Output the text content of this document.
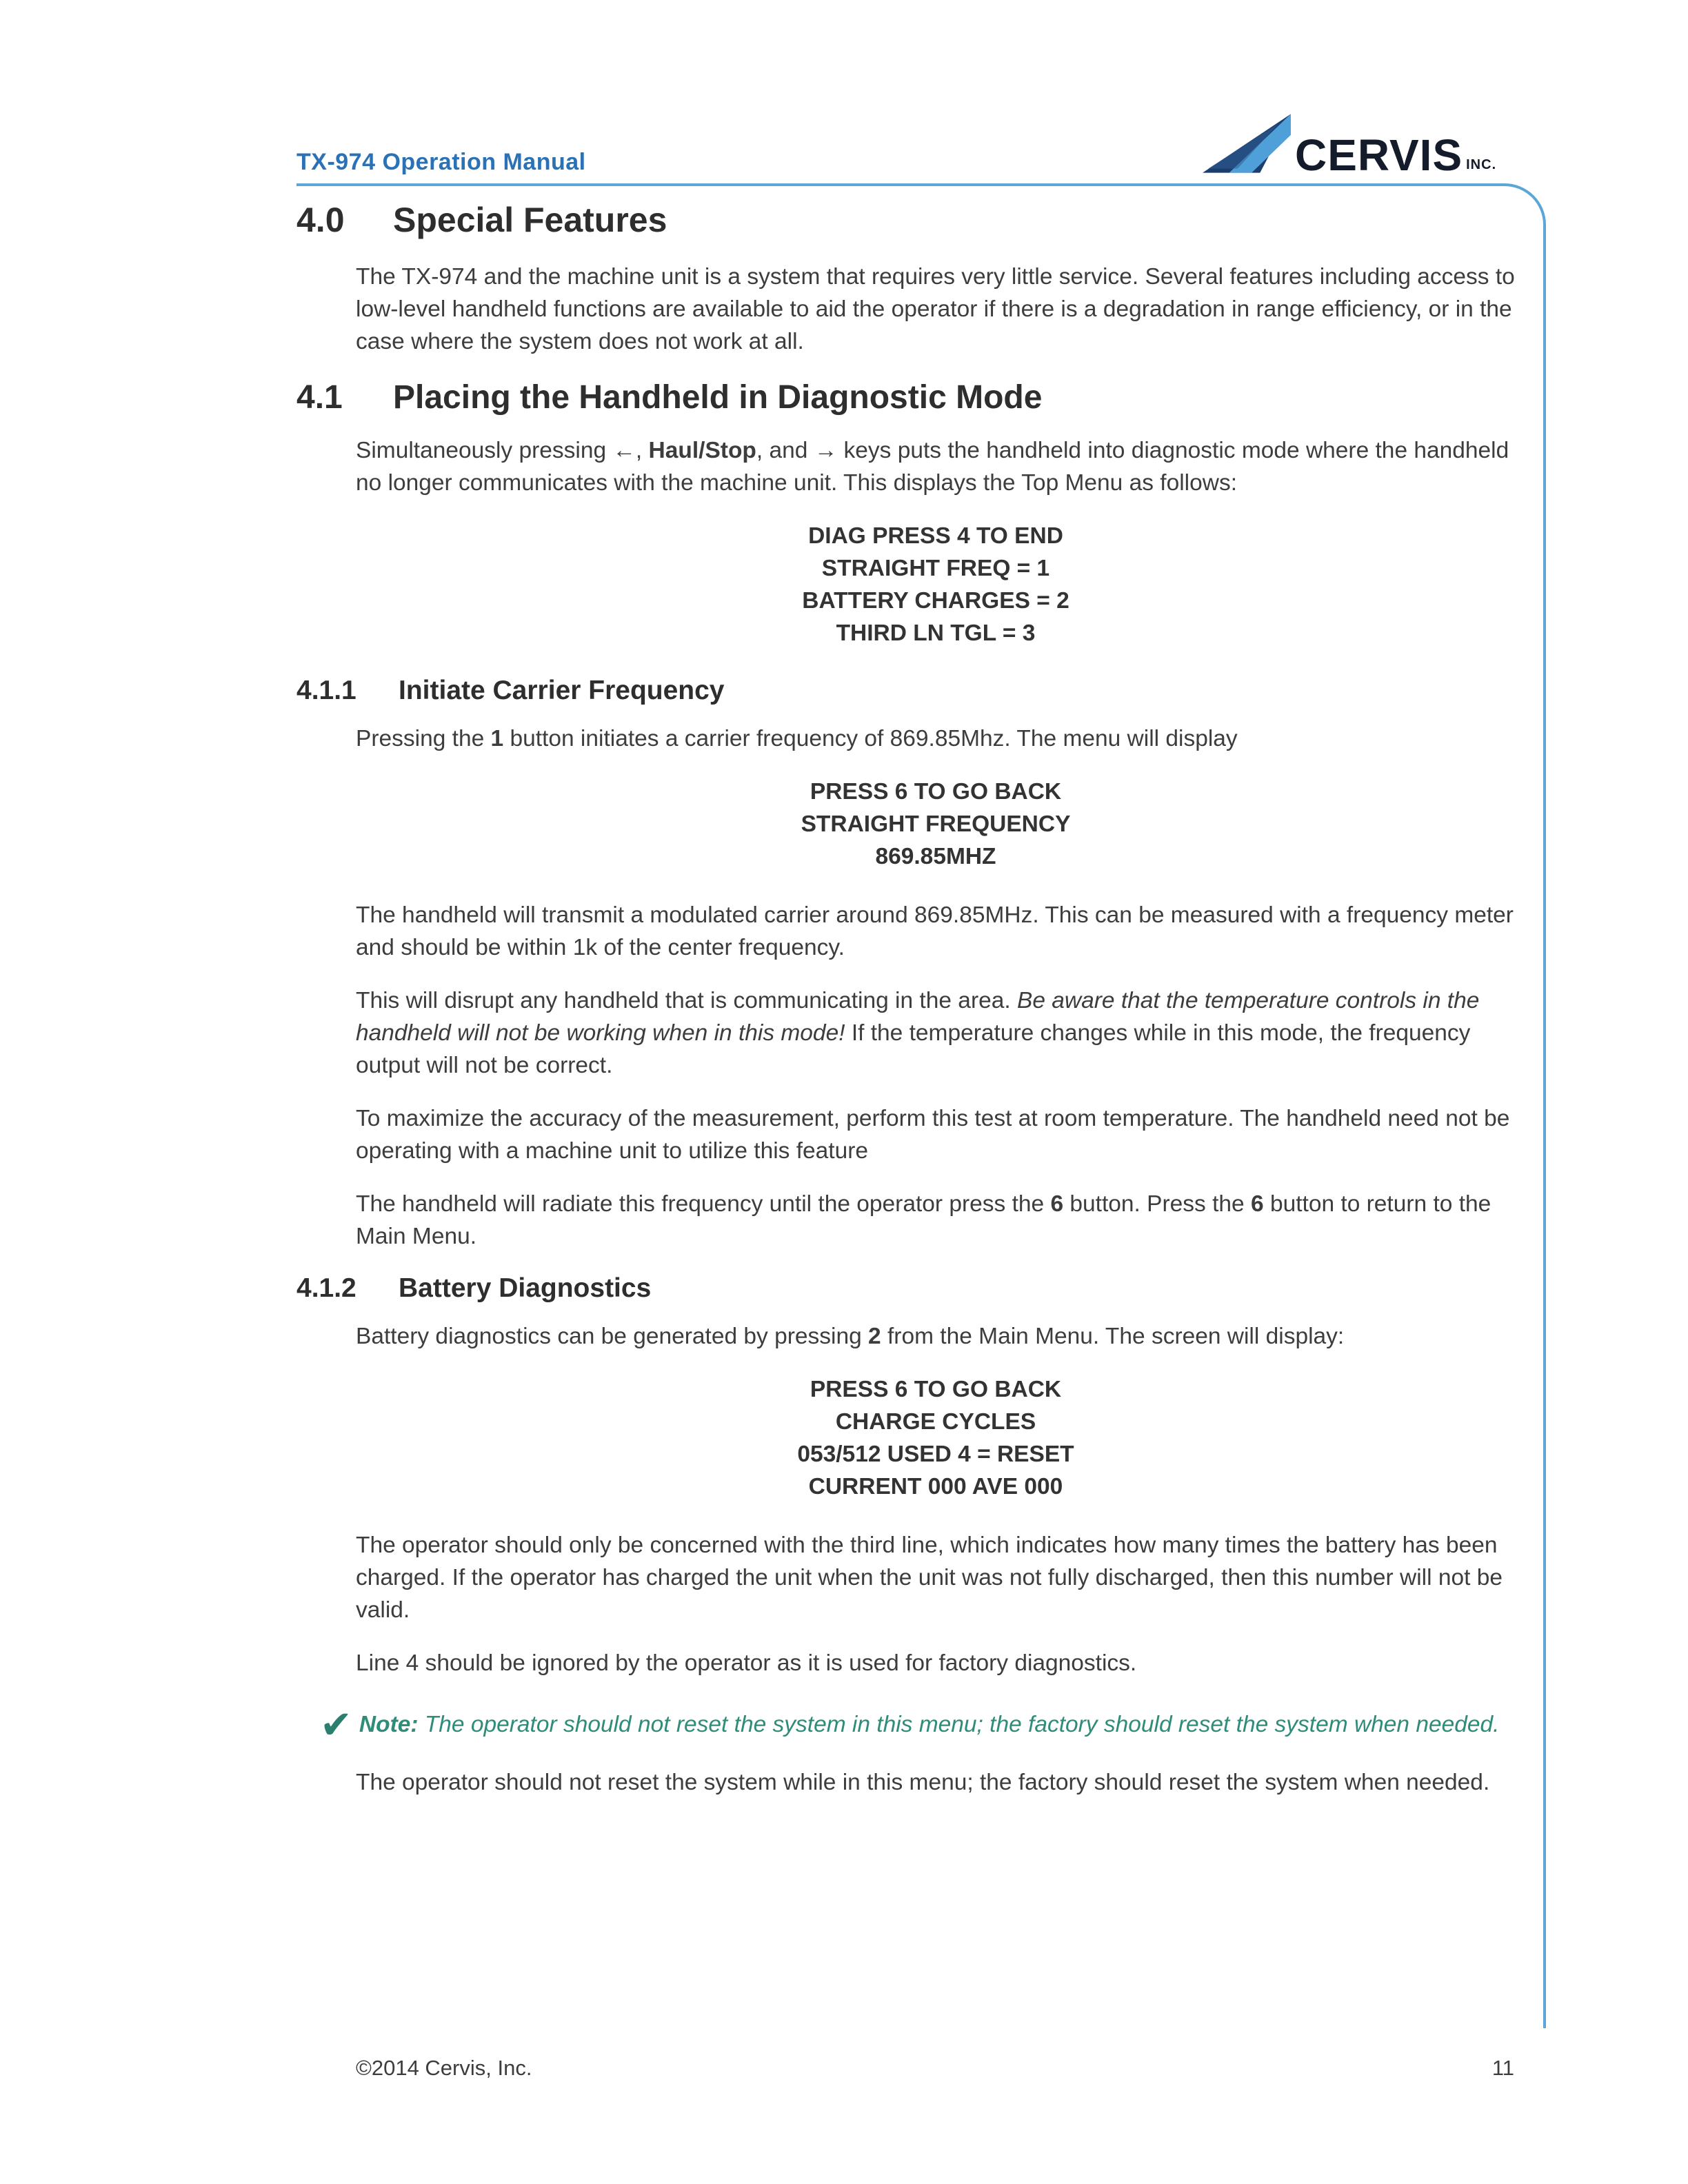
TX-974 Operation Manual	CERVIS INC.
4.0	Special Features

The TX-974 and the machine unit is a system that requires very little service. Several features including access to low-level handheld functions are available to aid the operator if there is a degradation in range efficiency, or in the case where the system does not work at all.

4.1	Placing the Handheld in Diagnostic Mode

Simultaneously pressing ←, Haul/Stop, and → keys puts the handheld into diagnostic mode where the handheld no longer communicates with the machine unit. This displays the Top Menu as follows:

DIAG PRESS 4 TO END
STRAIGHT FREQ = 1
BATTERY CHARGES = 2
THIRD LN TGL = 3
4.1.1	Initiate Carrier Frequency

Pressing the 1 button initiates a carrier frequency of 869.85Mhz. The menu will display

PRESS 6 TO GO BACK
STRAIGHT FREQUENCY
869.85MHZ

The handheld will transmit a modulated carrier around 869.85MHz. This can be measured with a frequency meter and should be within 1k of the center frequency.

This will disrupt any handheld that is communicating in the area. Be aware that the temperature controls in the handheld will not be working when in this mode! If the temperature changes while in this mode, the frequency output will not be correct.

To maximize the accuracy of the measurement, perform this test at room temperature. The handheld need not be operating with a machine unit to utilize this feature

The handheld will radiate this frequency until the operator press the 6 button. Press the 6 button to return to the Main Menu.

4.1.2	Battery Diagnostics

Battery diagnostics can be generated by pressing 2 from the Main Menu. The screen will display:

PRESS 6 TO GO BACK
CHARGE CYCLES
053/512 USED 4 = RESET
CURRENT 000 AVE 000

The operator should only be concerned with the third line, which indicates how many times the battery has been charged. If the operator has charged the unit when the unit was not fully discharged, then this number will not be valid.

Line 4 should be ignored by the operator as it is used for factory diagnostics.

✔ Note: The operator should not reset the system in this menu; the factory should reset the system when needed.

The operator should not reset the system while in this menu; the factory should reset the system when needed.

©2014 Cervis, Inc.	11
